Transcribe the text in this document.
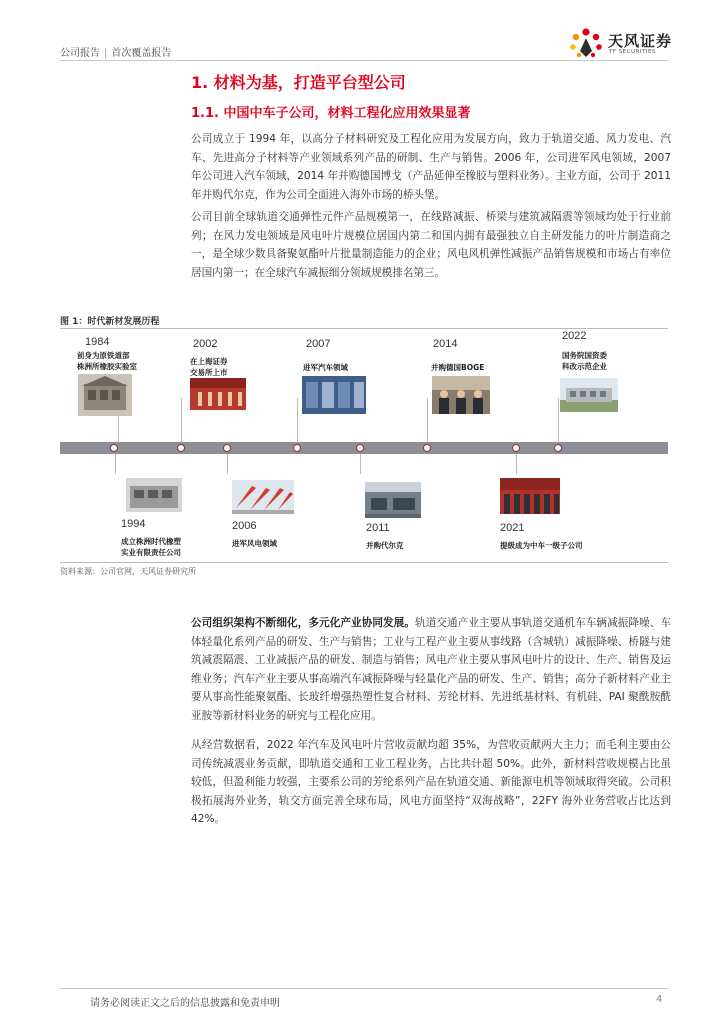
公司报告 | 首次覆盖报告
天风证券
TF SECURITIES
1. 材料为基，打造平台型公司
1.1. 中国中车子公司，材料工程化应用效果显著
公司成立于 1994 年，以高分子材料研究及工程化应用为发展方向，致力于轨道交通、风力发电、汽车、先进高分子材料等产业领域系列产品的研制、生产与销售。2006 年，公司进军风电领域，2007 年公司进入汽车领域，2014 年并购德国博戈（产品延伸至橡胶与塑料业务）。主业方面，公司于 2011 年并购代尔克，作为公司全面进入海外市场的桥头堡。
公司目前全球轨道交通弹性元件产品规模第一，在线路减振、桥梁与建筑减隔震等领域均处于行业前列；在风力发电领域是风电叶片规模位居国内第二和国内拥有最强独立自主研发能力的叶片制造商之一，是全球少数具备聚氨酯叶片批量制造能力的企业；风电风机弹性减振产品销售规模和市场占有率位居国内第一；在全球汽车减振细分领域规模排名第三。
图 1：时代新材发展历程
1984
前身为原铁道部
株洲所橡胶实验室
2002
在上海证券
交易所上市
2007
进军汽车领域
2014
并购德国BOGE
2022
国务院国资委
科改示范企业
1994
成立株洲时代橡塑
实业有限责任公司
2006
进军风电领域
2011
并购代尔克
2021
提级成为中车一级子公司
资料来源：公司官网，天风证券研究所
公司组织架构不断细化，多元化产业协同发展。轨道交通产业主要从事轨道交通机车车辆减振降噪、车体轻量化系列产品的研发、生产与销售；工业与工程产业主要从事线路（含城轨）减振降噪、桥隧与建筑减震隔震、工业减振产品的研发、制造与销售；风电产业主要从事风电叶片的设计、生产、销售及运维业务；汽车产业主要从事高端汽车减振降噪与轻量化产品的研发、生产、销售；高分子新材料产业主要从事高性能聚氨酯、长玻纤增强热塑性复合材料、芳纶材料、先进纸基材料、有机硅、PAI 聚酰胺酰亚胺等新材料业务的研究与工程化应用。
从经营数据看，2022 年汽车及风电叶片营收贡献均超 35%，为营收贡献两大主力；而毛利主要由公司传统减震业务贡献，即轨道交通和工业工程业务，占比共计超 50%。此外，新材料营收规模占比虽较低，但盈利能力较强，主要系公司的芳纶系列产品在轨道交通、新能源电机等领域取得突破。公司积极拓展海外业务，轨交方面完善全球布局，风电方面坚持“双海战略”，22FY 海外业务营收占比达到 42%。
请务必阅读正文之后的信息披露和免责申明	4
